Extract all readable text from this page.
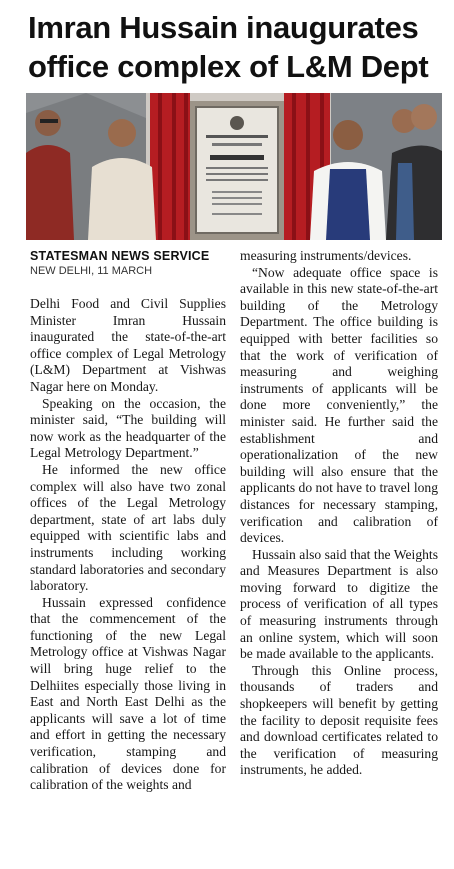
Imran Hussain inaugurates
office complex of L&M Dept
STATESMAN NEWS SERVICE
NEW DELHI, 11 MARCH

Delhi Food and Civil Supplies Minister Imran Hussain inaugurated the state-of-the-art office complex of Legal Metrology (L&M) Department at Vishwas Nagar here on Monday.

Speaking on the occasion, the minister said, “The building will now work as the headquarter of the Legal Metrology Department.”

He informed the new office complex will also have two zonal offices of the Legal Metrology department, state of art labs duly equipped with scientific labs and instruments including working standard laboratories and secondary laboratory.

Hussain expressed confidence that the commencement of the functioning of the new Legal Metrology office at Vishwas Nagar will bring huge relief to the Delhiites especially those living in East and North East Delhi as the applicants will save a lot of time and effort in getting the necessary verification, stamping and calibration of devices done for calibration of the weights and

measuring instruments/devices.

“Now adequate office space is available in this new state-of-the-art building of the Metrology Department. The office building is equipped with better facilities so that the work of verification of measuring and weighing instruments of applicants will be done more conveniently,” the minister said. He further said the establishment and operationalization of the new building will also ensure that the applicants do not have to travel long distances for necessary stamping, verification and calibration of devices.

Hussain also said that the Weights and Measures Department is also moving forward to digitize the process of verification of all types of measuring instruments through an online system, which will soon be made available to the applicants.

Through this Online process, thousands of traders and shopkeepers will benefit by getting the facility to deposit requisite fees and download certificates related to the verification of measuring instruments, he added.
